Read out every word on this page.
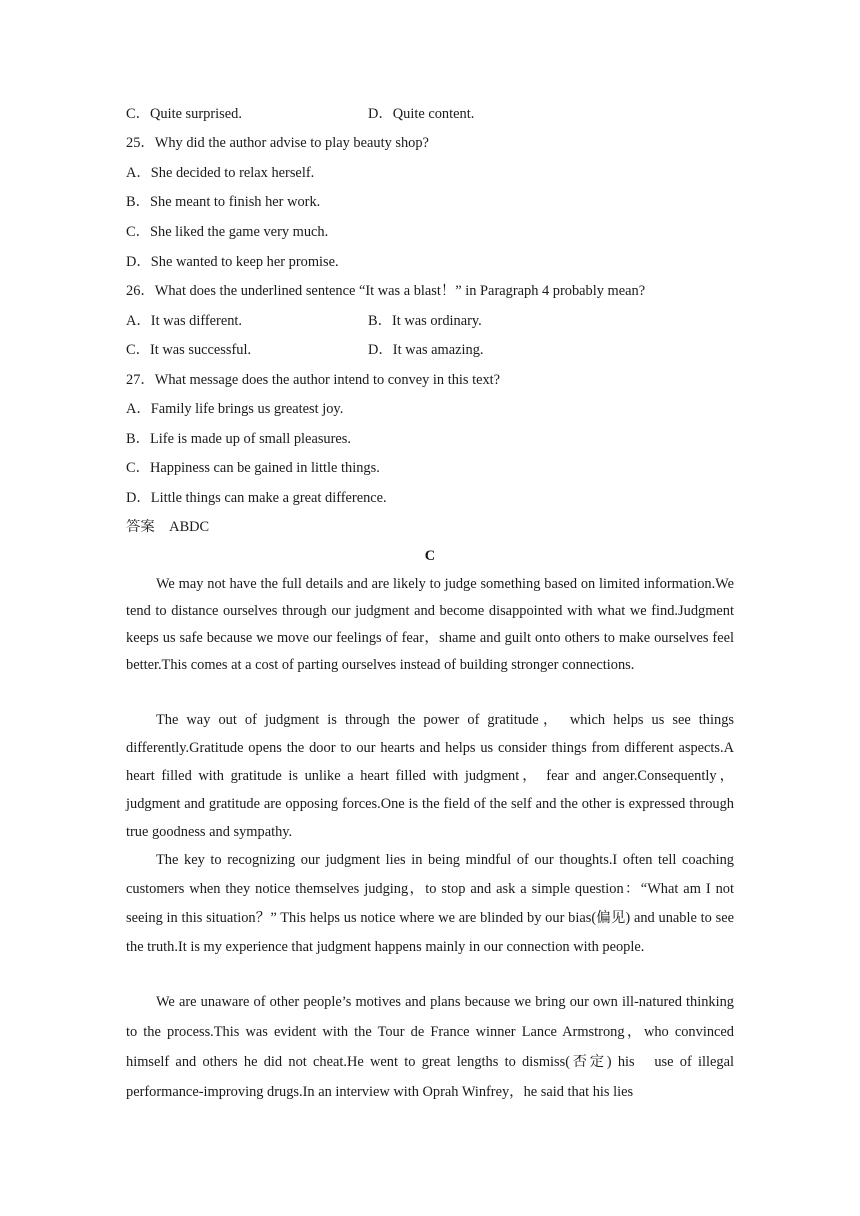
C．Quite surprised.	D．Quite content.
25．Why did the author advise to play beauty shop?
A．She decided to relax herself.
B．She meant to finish her work.
C．She liked the game very much.
D．She wanted to keep her promise.
26．What does the underlined sentence “It was a blast！” in Paragraph 4 probably mean?
A．It was different.	B．It was ordinary.
C．It was successful.	D．It was amazing.
27．What message does the author intend to convey in this text?
A．Family life brings us greatest joy.
B．Life is made up of small pleasures.
C．Happiness can be gained in little things.
D．Little things can make a great difference.
答案　ABDC
C

We may not have the full details and are likely to judge something based on limited information.We tend to distance ourselves through our judgment and become disappointed with what we find.Judgment keeps us safe because we move our feelings of fear，shame and guilt onto others to make ourselves feel better.This comes at a cost of parting ourselves instead of building stronger connections.

The way out of judgment is through the power of gratitude， which helps us see things differently.Gratitude opens the door to our hearts and helps us consider things from different aspects.A heart filled with gratitude is unlike a heart filled with judgment， fear and anger.Consequently，judgment and gratitude are opposing forces.One is the field of the self and the other is expressed through true goodness and sympathy.

The key to recognizing our judgment lies in being mindful of our thoughts.I often tell coaching customers when they notice themselves judging，to stop and ask a simple question：“What am I not seeing in this situation？” This helps us notice where we are blinded by our bias(偏见) and unable to see the truth.It is my experience that judgment happens mainly in our connection with people.

We are unaware of other people’s motives and plans because we bring our own ill-natured thinking to the process.This was evident with the Tour de France winner Lance Armstrong，who convinced himself and others he did not cheat.He went to great lengths to dismiss(否定) his　use of illegal performance-improving drugs.In an interview with Oprah Winfrey，he said that his lies
